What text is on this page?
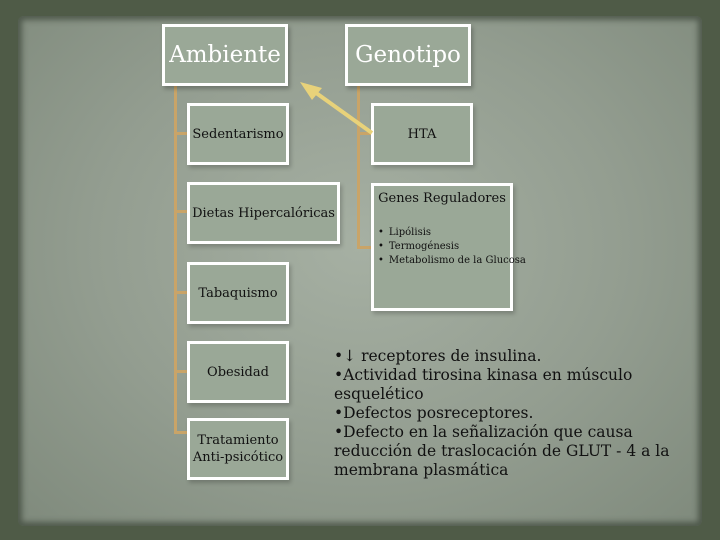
Ambiente	Genotipo
Sedentarismo
Dietas Hipercalóricas
Tabaquismo
Obesidad
Tratamiento Anti-psicótico
HTA
Genes Reguladores
• Lipólisis
• Termogénesis
• Metabolismo de la Glucosa
• ↓ receptores de insulina.
• Actividad tirosina kinasa en músculo esquelético
• Defectos posreceptores.
• Defecto en la señalización que causa reducción de traslocación de GLUT - 4 a la membrana plasmática
